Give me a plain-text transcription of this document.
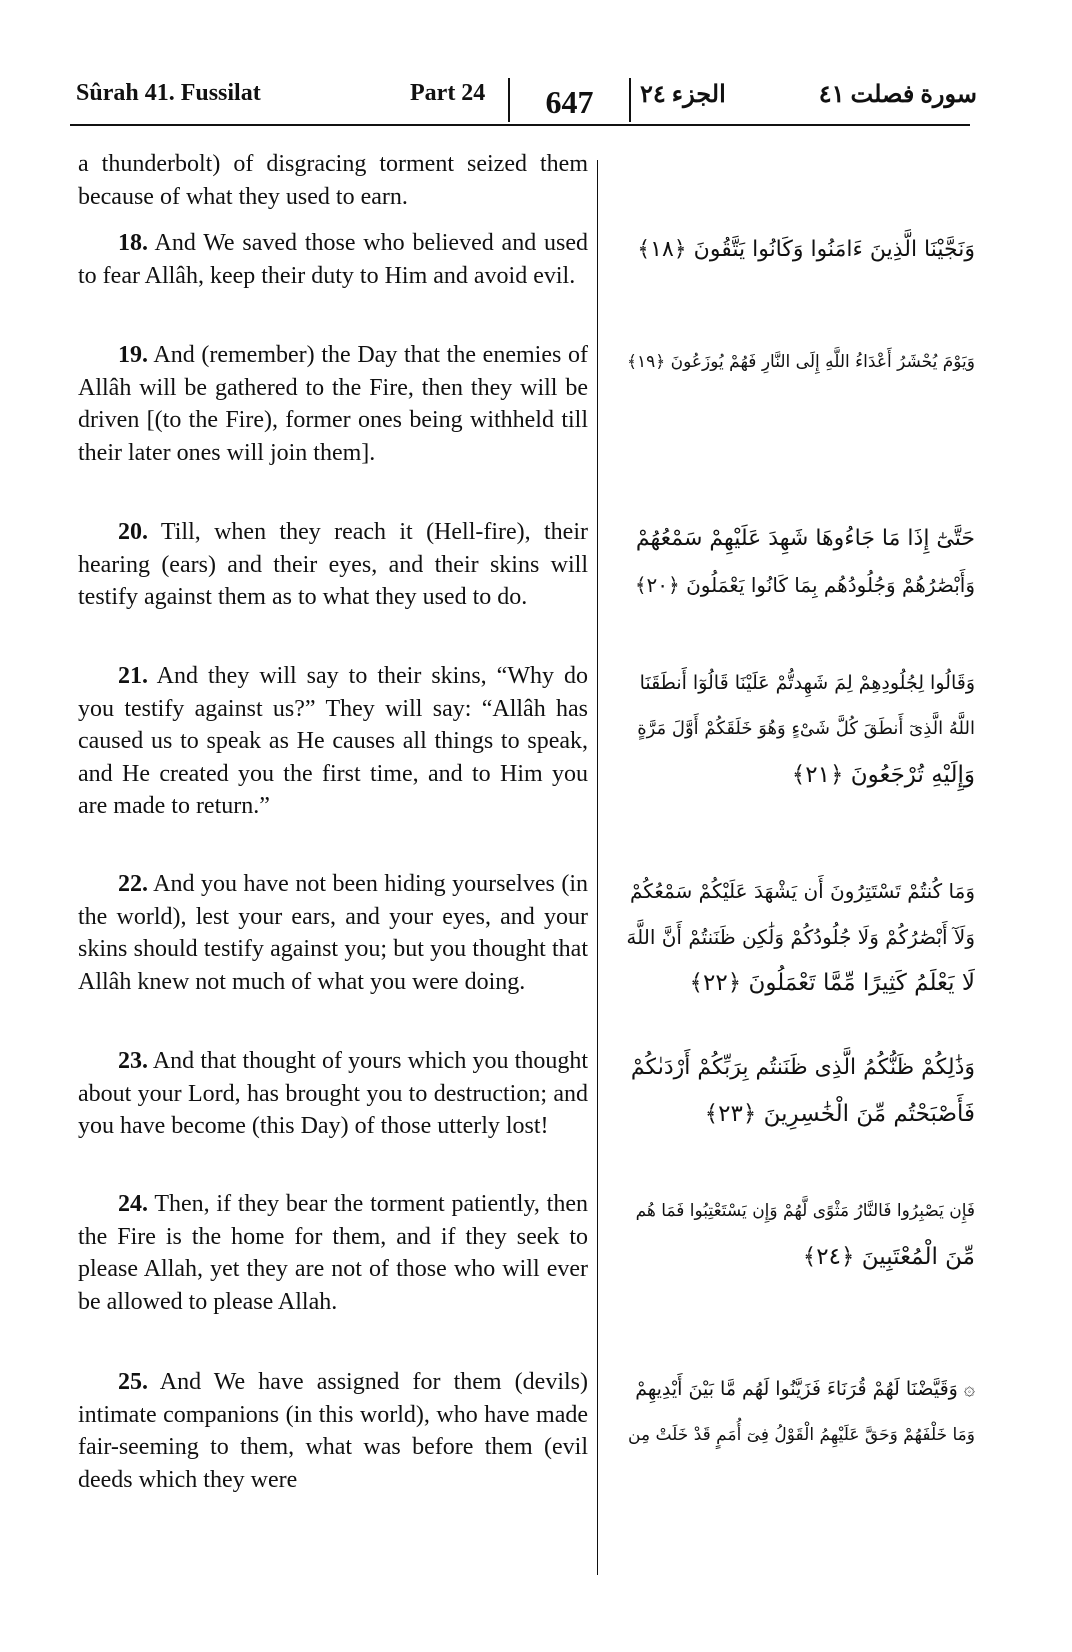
Sûrah 41. Fussilat	Part 24	647	الجزء ٢٤	سورة فصلت ٤١

a thunderbolt) of disgracing torment seized them because of what they used to earn.

18. And We saved those who believed and used to fear Allâh, keep their duty to Him and avoid evil.

19. And (remember) the Day that the enemies of Allâh will be gathered to the Fire, then they will be driven [(to the Fire), former ones being withheld till their later ones will join them].

20. Till, when they reach it (Hell-fire), their hearing (ears) and their eyes, and their skins will testify against them as to what they used to do.

21. And they will say to their skins, “Why do you testify against us?” They will say: “Allâh has caused us to speak as He causes all things to speak, and He created you the first time, and to Him you are made to return.”

22. And you have not been hiding yourselves (in the world), lest your ears, and your eyes, and your skins should testify against you; but you thought that Allâh knew not much of what you were doing.

23. And that thought of yours which you thought about your Lord, has brought you to destruction; and you have become (this Day) of those utterly lost!

24. Then, if they bear the torment patiently, then the Fire is the home for them, and if they seek to please Allah, yet they are not of those who will ever be allowed to please Allah.

25. And We have assigned for them (devils) intimate companions (in this world), who have made fair-seeming to them, what was before them (evil deeds which they were

وَنَجَّيْنَا الَّذِينَ ءَامَنُوا وَكَانُوا يَتَّقُونَ ﴿١٨﴾

وَيَوْمَ يُحْشَرُ أَعْدَاءُ اللَّهِ إِلَى النَّارِ فَهُمْ يُوزَعُونَ ﴿١٩﴾

حَتَّىٰٓ إِذَا مَا جَاءُوهَا شَهِدَ عَلَيْهِمْ سَمْعُهُمْ

وَأَبْصَٰرُهُمْ وَجُلُودُهُم بِمَا كَانُوا يَعْمَلُونَ ﴿٢٠﴾

وَقَالُوا لِجُلُودِهِمْ لِمَ شَهِدتُّمْ عَلَيْنَا قَالُوٓا أَنطَقَنَا

اللَّهُ الَّذِىٓ أَنطَقَ كُلَّ شَىْءٍ وَهُوَ خَلَقَكُمْ أَوَّلَ مَرَّةٍ

وَإِلَيْهِ تُرْجَعُونَ ﴿٢١﴾

وَمَا كُنتُمْ تَسْتَتِرُونَ أَن يَشْهَدَ عَلَيْكُمْ سَمْعُكُمْ

وَلَآ أَبْصَٰرُكُمْ وَلَا جُلُودُكُمْ وَلَٰكِن ظَنَنتُمْ أَنَّ اللَّهَ

لَا يَعْلَمُ كَثِيرًا مِّمَّا تَعْمَلُونَ ﴿٢٢﴾

وَذَٰلِكُمْ ظَنُّكُمُ الَّذِى ظَنَنتُم بِرَبِّكُمْ أَرْدَىٰكُمْ

فَأَصْبَحْتُم مِّنَ الْخَٰسِرِينَ ﴿٢٣﴾

فَإِن يَصْبِرُوا فَالنَّارُ مَثْوًى لَّهُمْ وَإِن يَسْتَعْتِبُوا فَمَا هُم

مِّنَ الْمُعْتَبِينَ ﴿٢٤﴾

۞ وَقَيَّضْنَا لَهُمْ قُرَنَاءَ فَزَيَّنُوا لَهُم مَّا بَيْنَ أَيْدِيهِمْ

وَمَا خَلْفَهُمْ وَحَقَّ عَلَيْهِمُ الْقَوْلُ فِىٓ أُمَمٍ قَدْ خَلَتْ مِن
